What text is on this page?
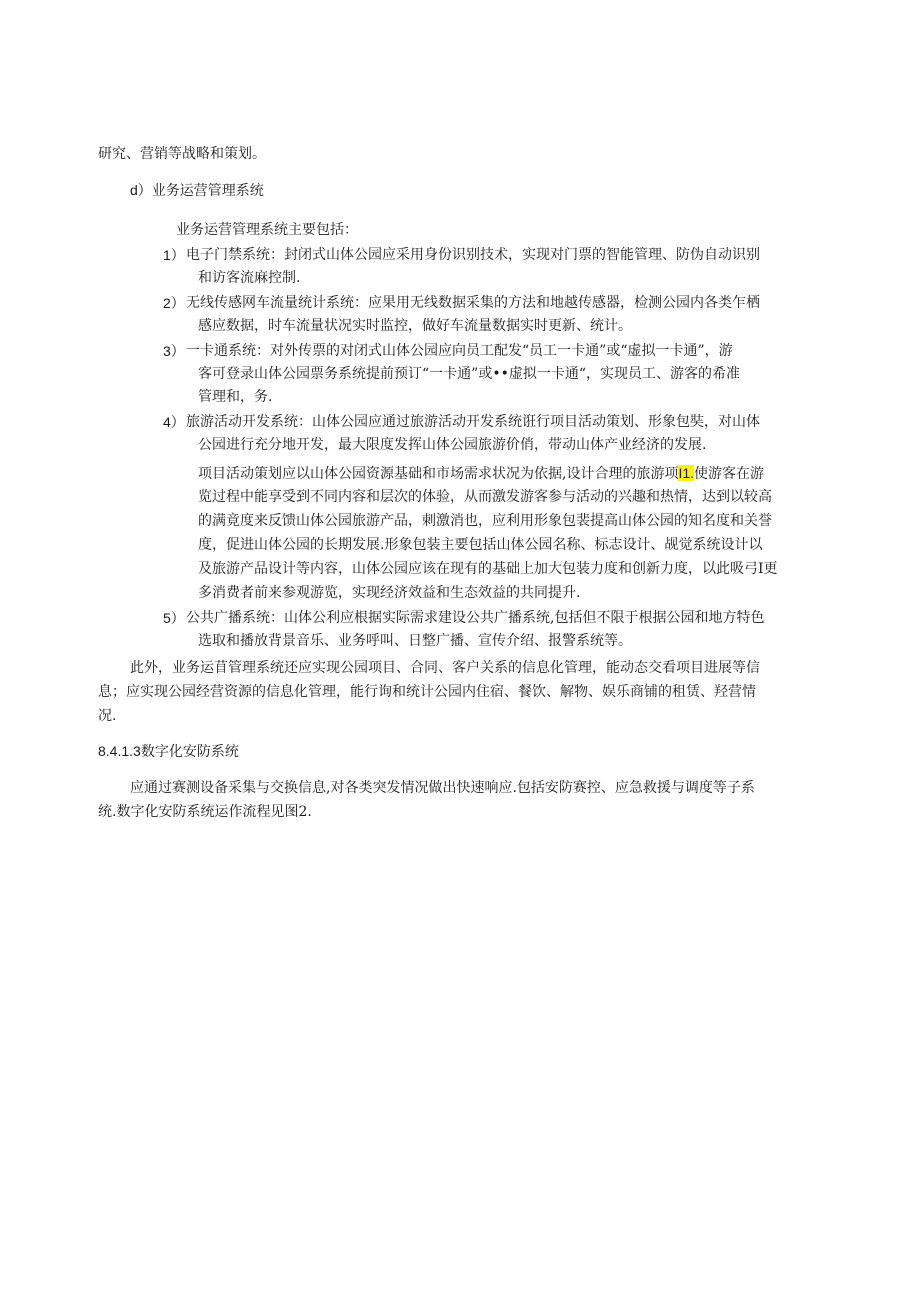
研究、营销等战略和策划。
d）业务运营管理系统
业务运营管理系统主要包括：
1） 电子门禁系统：封闭式山体公园应采用身份识别技术，实现对门票的智能管理、防伪自动识别
和访客流麻控制.
2） 无线传感网车流量统计系统：应果用无线数据采集的方法和地越传感器，检测公园内各类乍栖
感应数据，时车流量状况实时监控，做好车流量数据实时更新、统计。
3） 一卡通系统：对外传票的对闭式山体公园应向员工配发“员工一卡通”或“虚拟一卡通”，游
客可登录山体公园票务系统提前预订“一卡通”或••虚拟一卡通“，实现员工、游客的希准
管理和，务.
4） 旅游活动开发系统：山体公园应通过旅游活动开发系统诳行项目活动策划、形象包奘，对山体
公园进行充分地开发，最大限度发挥山体公园旅游价俏，带动山体产业经济的发展.
项目活动策划应以山体公园资源基础和市场需求状况为依据,设计合理的旅游项I1.使游客在游
览过程中能享受到不同内容和层次的体验，从而激发游客参与活动的兴趣和热情，达到以较高
的满竟度来反馈山体公园旅游产品，刺激消也，应利用形象包裴提高山体公园的知名度和关誉
度，促进山体公园的长期发展.形象包装主要包括山体公园名称、标志设计、觇觉系统设计以
及旅游产品设计等内容，山体公园应该在现有的基础上加大包装力度和创新力度，以此吸弓I更
多消费者前来参观游览，实现经济效益和生态效益的共同提升.
5） 公共广播系统：山体公利应根据实际需求建设公共广播系统,包括但不限于根据公园和地方特色
选取和播放背景音乐、业务呼叫、日整广播、宣传介绍、报警系统等。
此外，业务运苜管理系统还应实现公园项目、合同、客户关系的信息化管理，能动态交看项目进展等信
息；应实现公园经营资源的信息化管理，能行询和统计公园内住宿、餐饮、解物、娱乐商铺的租赁、羟营情
况.
8.4.1.3数字化安防系统
应通过赛测设备采集与交换信息,对各类突发情况做出快速响应.包括安防赛控、应急救援与调度等子系
统.数字化安防系统运作流程见图2.
